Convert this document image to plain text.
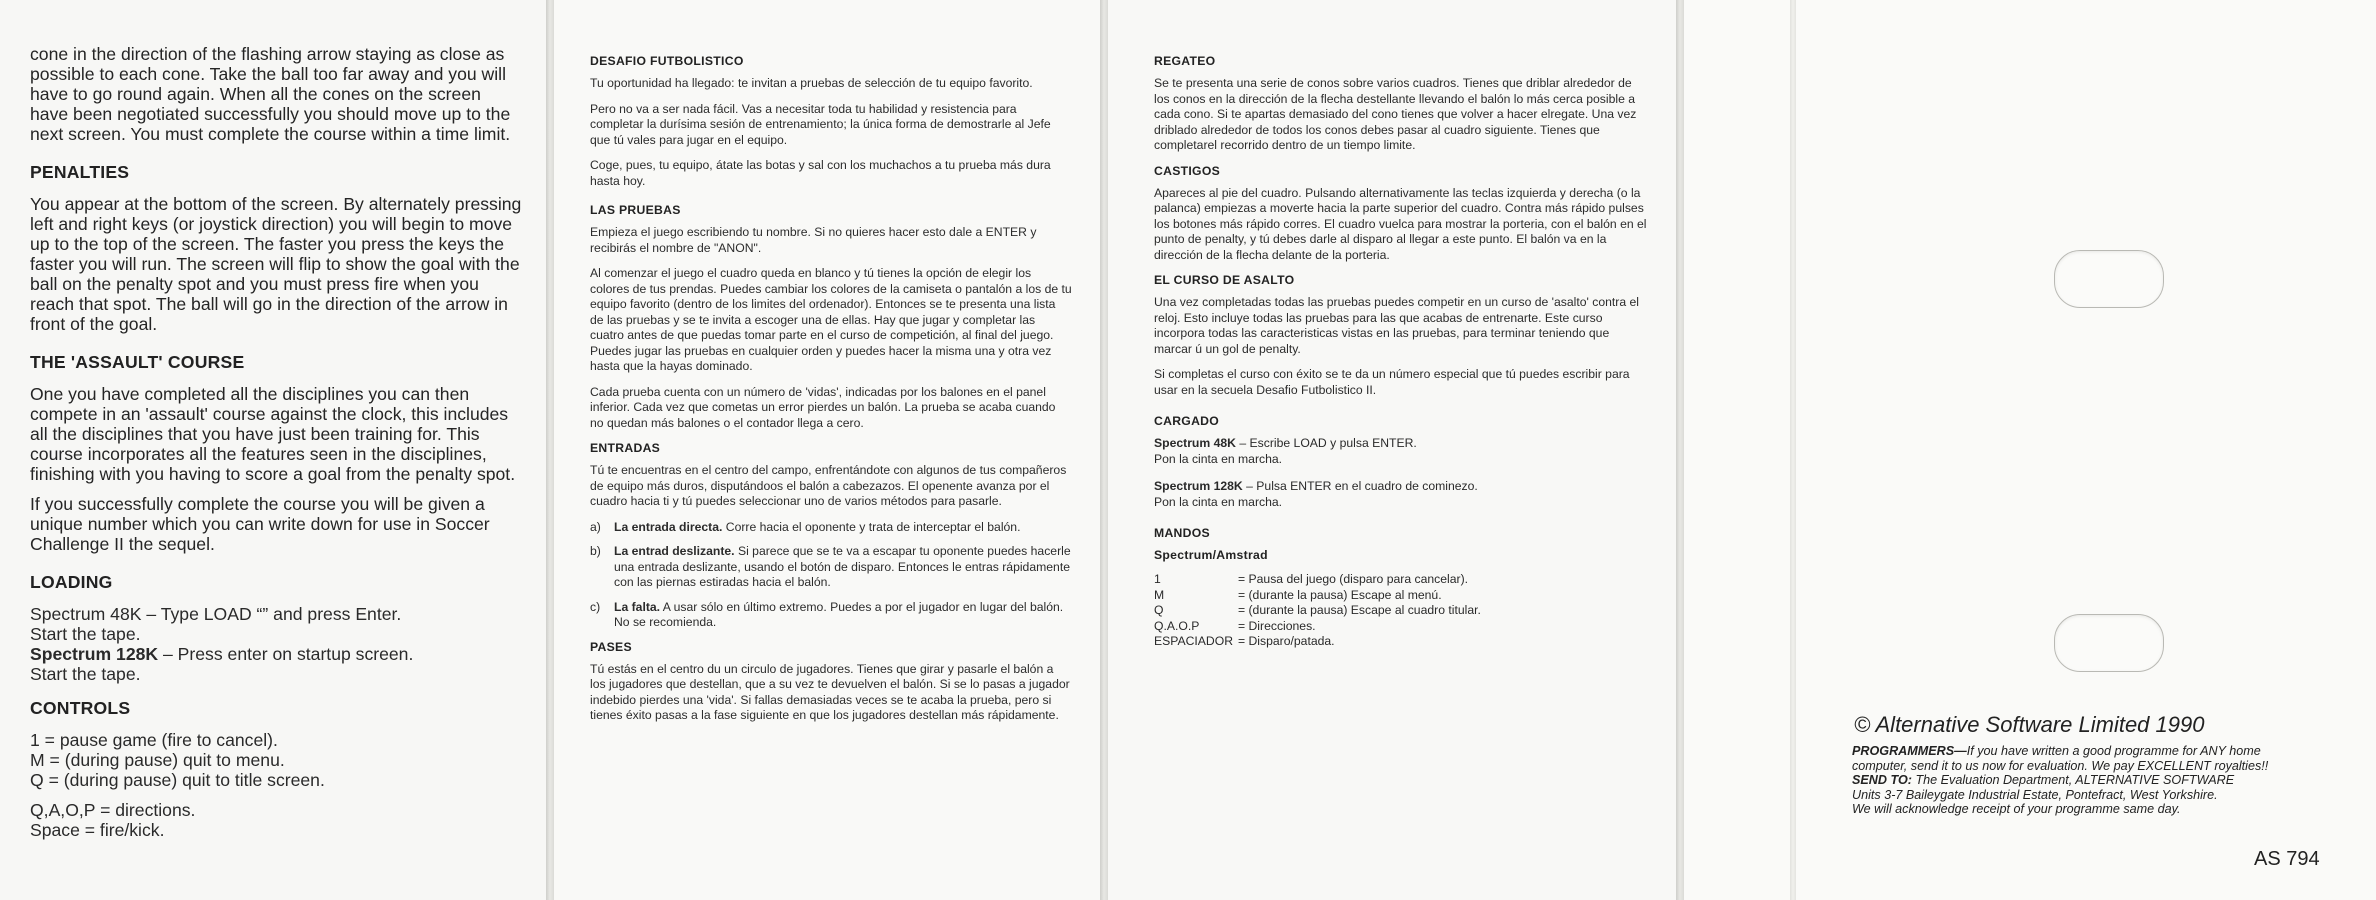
cone in the direction of the flashing arrow staying as close as possible to each cone. Take the ball too far away and you will have to go round again. When all the cones on the screen have been negotiated successfully you should move up to the next screen. You must complete the course within a time limit.

PENALTIES

You appear at the bottom of the screen. By alternately pressing left and right keys (or joystick direction) you will begin to move up to the top of the screen. The faster you press the keys the faster you will run. The screen will flip to show the goal with the ball on the penalty spot and you must press fire when you reach that spot. The ball will go in the direction of the arrow in front of the goal.

THE 'ASSAULT' COURSE

One you have completed all the disciplines you can then compete in an 'assault' course against the clock, this includes all the disciplines that you have just been training for. This course incorporates all the features seen in the disciplines, finishing with you having to score a goal from the penalty spot.

If you successfully complete the course you will be given a unique number which you can write down for use in Soccer Challenge II the sequel.

LOADING

Spectrum 48K – Type LOAD “” and press Enter.

Start the tape.

Spectrum 128K – Press enter on startup screen.

Start the tape.

CONTROLS

1 = pause game (fire to cancel).

M = (during pause) quit to menu.

Q = (during pause) quit to title screen.

Q,A,O,P = directions.

Space = fire/kick.

DESAFIO FUTBOLISTICO

Tu oportunidad ha llegado: te invitan a pruebas de selección de tu equipo favorito.

Pero no va a ser nada fácil. Vas a necesitar toda tu habilidad y resistencia para completar la durísima sesión de entrenamiento; la única forma de demostrarle al Jefe que tú vales para jugar en el equipo.

Coge, pues, tu equipo, átate las botas y sal con los muchachos a tu prueba más dura hasta hoy.

LAS PRUEBAS

Empieza el juego escribiendo tu nombre. Si no quieres hacer esto dale a ENTER y recibirás el nombre de "ANON".

Al comenzar el juego el cuadro queda en blanco y tú tienes la opción de elegir los colores de tus prendas. Puedes cambiar los colores de la camiseta o pantalón a los de tu equipo favorito (dentro de los limites del ordenador). Entonces se te presenta una lista de las pruebas y se te invita a escoger una de ellas. Hay que jugar y completar las cuatro antes de que puedas tomar parte en el curso de competición, al final del juego. Puedes jugar las pruebas en cualquier orden y puedes hacer la misma una y otra vez hasta que la hayas dominado.

Cada prueba cuenta con un número de 'vidas', indicadas por los balones en el panel inferior. Cada vez que cometas un error pierdes un balón. La prueba se acaba cuando no quedan más balones o el contador llega a cero.

ENTRADAS

Tú te encuentras en el centro del campo, enfrentándote con algunos de tus compañeros de equipo más duros, disputándoos el balón a cabezazos. El openente avanza por el cuadro hacia ti y tú puedes seleccionar uno de varios métodos para pasarle.

a)	La entrada directa. Corre hacia el oponente y trata de interceptar el balón.
b)	La entrad deslizante. Si parece que se te va a escapar tu oponente puedes hacerle una entrada deslizante, usando el botón de disparo. Entonces le entras rápidamente con las piernas estiradas hacia el balón.
c)	La falta. A usar sólo en último extremo. Puedes a por el jugador en lugar del balón. No se recomienda.
PASES

Tú estás en el centro du un circulo de jugadores. Tienes que girar y pasarle el balón a los jugadores que destellan, que a su vez te devuelven el balón. Si se lo pasas a jugador indebido pierdes una 'vida'. Si fallas demasiadas veces se te acaba la prueba, pero si tienes éxito pasas a la fase siguiente en que los jugadores destellan más rápidamente.

REGATEO

Se te presenta una serie de conos sobre varios cuadros. Tienes que driblar alrededor de los conos en la dirección de la flecha destellante llevando el balón lo más cerca posible a cada cono. Si te apartas demasiado del cono tienes que volver a hacer elregate. Una vez driblado alrededor de todos los conos debes pasar al cuadro siguiente. Tienes que completarel recorrido dentro de un tiempo limite.

CASTIGOS

Apareces al pie del cuadro. Pulsando alternativamente las teclas izquierda y derecha (o la palanca) empiezas a moverte hacia la parte superior del cuadro. Contra más rápido pulses los botones más rápido corres. El cuadro vuelca para mostrar la porteria, con el balón en el punto de penalty, y tú debes darle al disparo al llegar a este punto. El balón va en la dirección de la flecha delante de la porteria.

EL CURSO DE ASALTO

Una vez completadas todas las pruebas puedes competir en un curso de 'asalto' contra el reloj. Esto incluye todas las pruebas para las que acabas de entrenarte. Este curso incorpora todas las caracteristicas vistas en las pruebas, para terminar teniendo que marcar ú un gol de penalty.

Si completas el curso con éxito se te da un número especial que tú puedes escribir para usar en la secuela Desafio Futbolistico II.

CARGADO

Spectrum 48K – Escribe LOAD y pulsa ENTER.

Pon la cinta en marcha.

Spectrum 128K – Pulsa ENTER en el cuadro de cominezo.

Pon la cinta en marcha.

MANDOS
Spectrum/Amstrad
1	= Pausa del juego (disparo para cancelar).
M	= (durante la pausa) Escape al menú.
Q	= (durante la pausa) Escape al cuadro titular.
Q.A.O.P	= Direcciones.
ESPACIADOR = Disparo/patada.
© Alternative Software Limited 1990
PROGRAMMERS—If you have written a good programme for ANY home computer, send it to us now for evaluation. We pay EXCELLENT royalties!!
SEND TO: The Evaluation Department, ALTERNATIVE SOFTWARE
Units 3-7 Baileygate Industrial Estate, Pontefract, West Yorkshire.
We will acknowledge receipt of your programme same day.
AS 794
